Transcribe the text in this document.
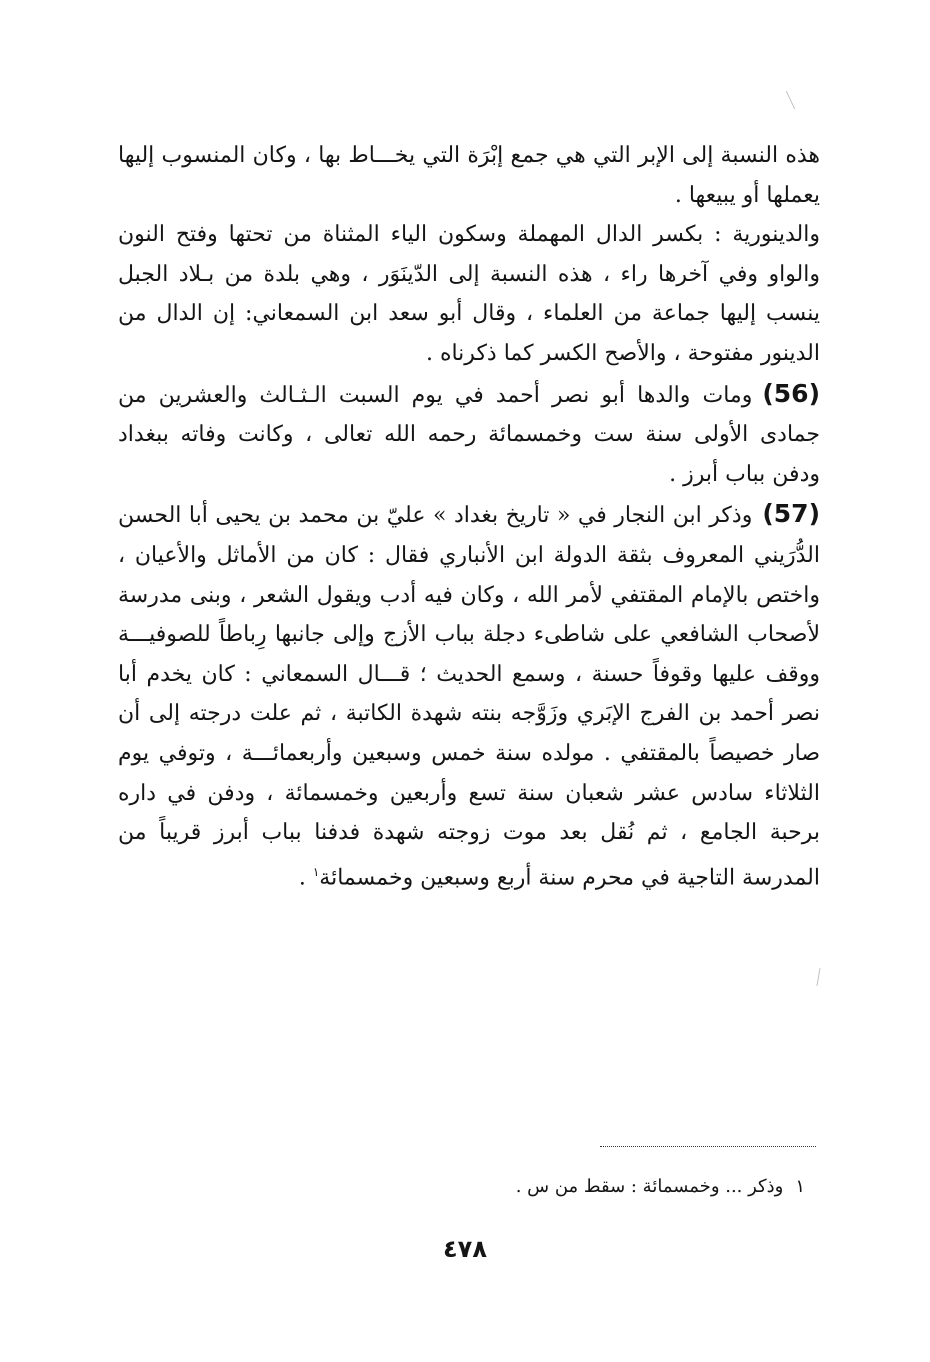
هذه النسبة إلى الإبر التي هي جمع إبْرَة التي يخـــاط بها ، وكان المنسوب إليها يعملها أو يبيعها .

والدينورية : بكسر الدال المهملة وسكون الياء المثناة من تحتها وفتح النون والواو وفي آخرها راء ، هذه النسبة إلى الدّينَوَر ، وهي بلدة من بـلاد الجبل ينسب إليها جماعة من العلماء ، وقال أبو سعد ابن السمعاني: إن الدال من الدينور مفتوحة ، والأصح الكسر كما ذكرناه .

(56)ومات والدها أبو نصر أحمد في يوم السبت الـثـالث والعشرين من جمادى الأولى سنة ست وخمسمائة رحمه الله تعالى ، وكانت وفاته ببغداد ودفن بباب أبرز .

(57)وذكر ابن النجار في « تاريخ بغداد » عليّ بن محمد بن يحيى أبا الحسن الدُّرَيني المعروف بثقة الدولة ابن الأنباري فقال : كان من الأماثل والأعيان ، واختص بالإمام المقتفي لأمر الله ، وكان فيه أدب ويقول الشعر ، وبنى مدرسة لأصحاب الشافعي على شاطىء دجلة بباب الأزج وإلى جانبها رِباطاً للصوفيـــة ووقف عليها وقوفاً حسنة ، وسمع الحديث ؛ قـــال السمعاني : كان يخدم أبا نصر أحمد بن الفرج الإبَري وزَوَّجه بنته شهدة الكاتبة ، ثم علت درجته إلى أن صار خصيصاً بالمقتفي . مولده سنة خمس وسبعين وأربعمائـــة ، وتوفي يوم الثلاثاء سادس عشر شعبان سنة تسع وأربعين وخمسمائة ، ودفن في داره برحبة الجامع ، ثم نُقل بعد موت زوجته شهدة فدفنا بباب أبرز قريباً من المدرسة التاجية في محرم سنة أربع وسبعين وخمسمائة$^١$ .

١وذكر ... وخمسمائة : سقط من س .
٤٧٨
